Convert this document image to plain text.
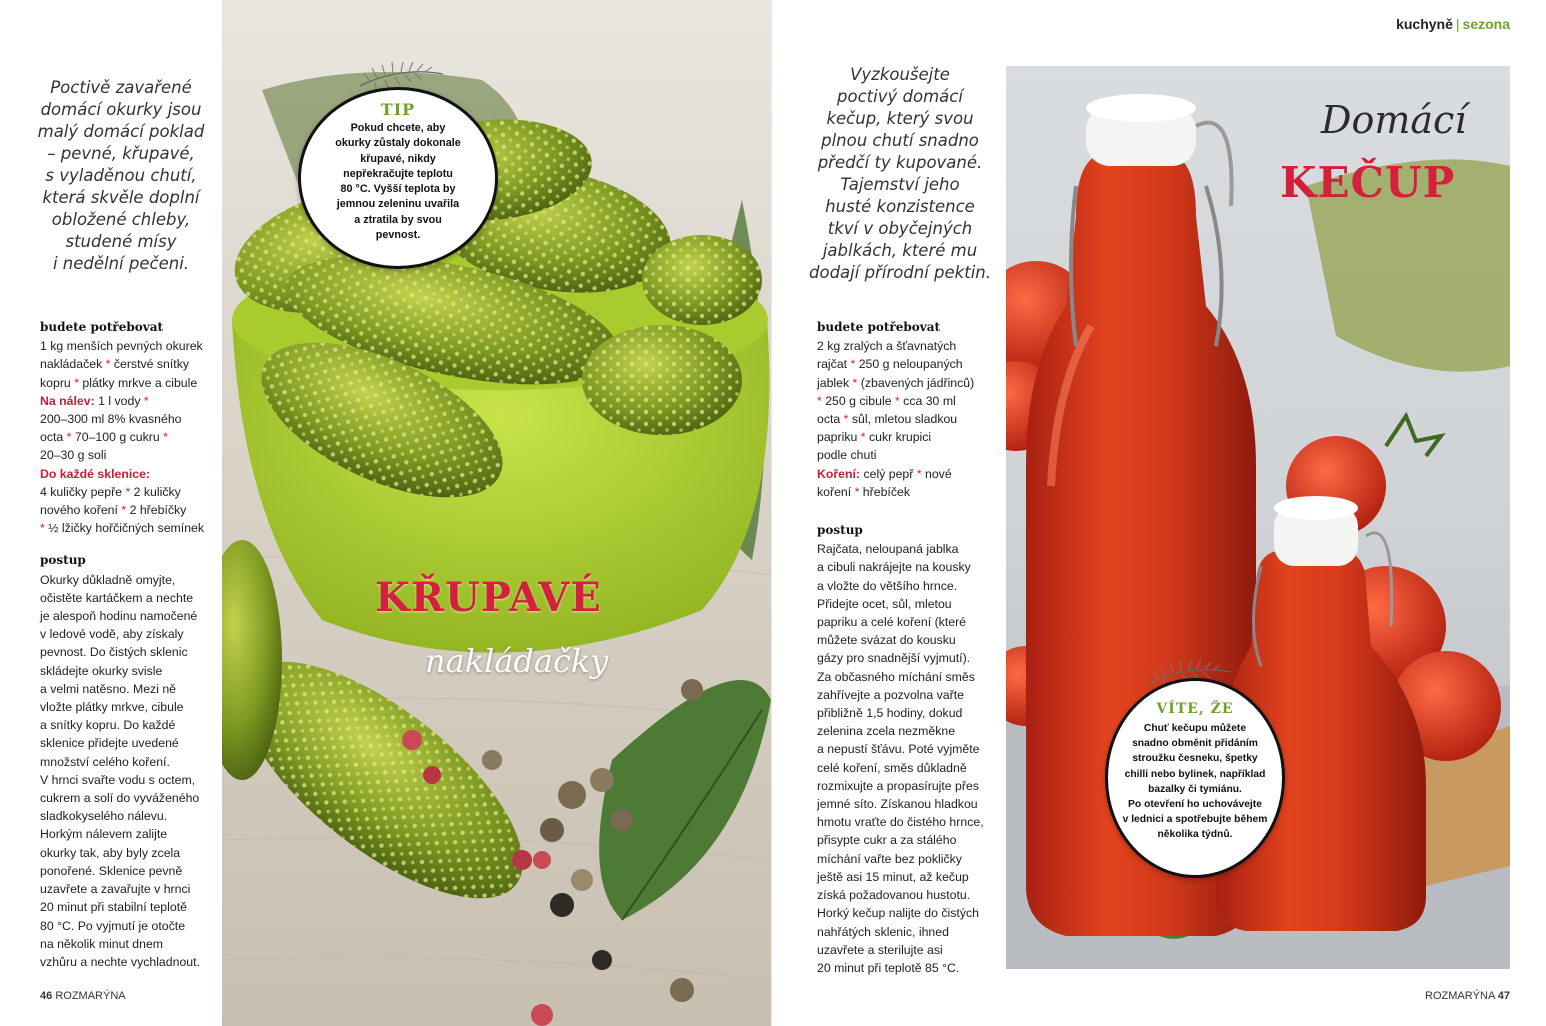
Poctivě zavařené
domácí okurky jsou
malý domácí poklad
– pevné, křupavé,
s vyladěnou chutí,
která skvěle doplní
obložené chleby,
studené mísy
i nedělní pečeni.
budete potřebovat

1 kg menších pevných okurek
nakládaček * čerstvé snítky
kopru * plátky mrkve a cibule

Na nálev: 1 l vody *
200–300 ml 8% kvasného
octa * 70–100 g cukru *
20–30 g soli

Do každé sklenice:

4 kuličky pepře * 2 kuličky
nového koření * 2 hřebíčky
* ½ lžičky hořčičných semínek

postup

Okurky důkladně omyjte,
očistěte kartáčkem a nechte
je alespoň hodinu namočené
v ledové vodě, aby získaly
pevnost. Do čistých sklenic
skládejte okurky svisle
a velmi natěsno. Mezi ně
vložte plátky mrkve, cibule
a snítky kopru. Do každé
sklenice přidejte uvedené
množství celého koření.
V hrnci svařte vodu s octem,
cukrem a solí do vyváženého
sladkokyselého nálevu.
Horkým nálevem zalijte
okurky tak, aby byly zcela
ponořené. Sklenice pevně
uzavřete a zavařujte v hrnci
20 minut při stabilní teplotě
80 °C. Po vyjmutí je otočte
na několik minut dnem
vzhůru a nechte vychladnout.

TIP
Pokud chcete, aby
okurky zůstaly dokonale
křupavé, nikdy
nepřekračujte teplotu
80 °C. Vyšší teplota by
jemnou zeleninu uvařila
a ztratila by svou
pevnost.
KŘUPAVÉ
nakládačky
46 ROZMARÝNA
kuchyně | sezona
Vyzkoušejte
poctivý domácí
kečup, který svou
plnou chutí snadno
předčí ty kupované.
Tajemství jeho
husté konzistence
tkví v obyčejných
jablkách, které mu
dodají přírodní pektin.
budete potřebovat

2 kg zralých a šťavnatých
rajčat * 250 g neloupaných
jablek * (zbavených jádřinců)
* 250 g cibule * cca 30 ml
octa * sůl, mletou sladkou
papriku * cukr krupici
podle chuti

Koření: celý pepř * nové
koření * hřebíček

postup

Rajčata, neloupaná jablka
a cibuli nakrájejte na kousky
a vložte do většího hrnce.
Přidejte ocet, sůl, mletou
papriku a celé koření (které
můžete svázat do kousku
gázy pro snadnější vyjmutí).
Za občasného míchání směs
zahřívejte a pozvolna vařte
přibližně 1,5 hodiny, dokud
zelenina zcela nezměkne
a nepustí šťávu. Poté vyjměte
celé koření, směs důkladně
rozmixujte a propasírujte přes
jemné síto. Získanou hladkou
hmotu vraťte do čistého hrnce,
přisypte cukr a za stálého
míchání vařte bez pokličky
ještě asi 15 minut, až kečup
získá požadovanou hustotu.
Horký kečup nalijte do čistých
nahřátých sklenic, ihned
uzavřete a sterilujte asi
20 minut při teplotě 85 °C.

Domácí
KEČUP
VÍTE, ŽE
Chuť kečupu můžete
snadno obměnit přidáním
stroužku česneku, špetky
chilli nebo bylinek, například
bazalky či tymiánu.
Po otevření ho uchovávejte
v lednici a spotřebujte během
několika týdnů.
ROZMARÝNA 47
